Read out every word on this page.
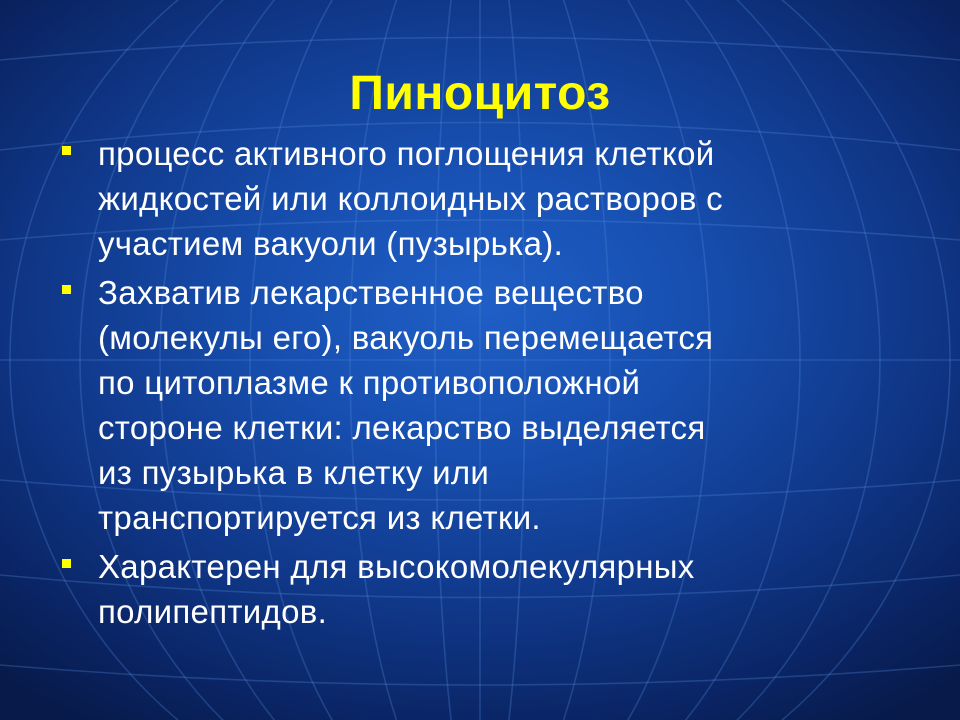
Пиноцитоз
процесс активного поглощения клеткой
жидкостей или коллоидных растворов с
участием вакуоли (пузырька).
Захватив лекарственное вещество
(молекулы его), вакуоль перемещается
по цитоплазме к противоположной
стороне клетки: лекарство выделяется
из пузырька в клетку или
транспортируется из клетки.
Характерен для высокомолекулярных
полипептидов.
